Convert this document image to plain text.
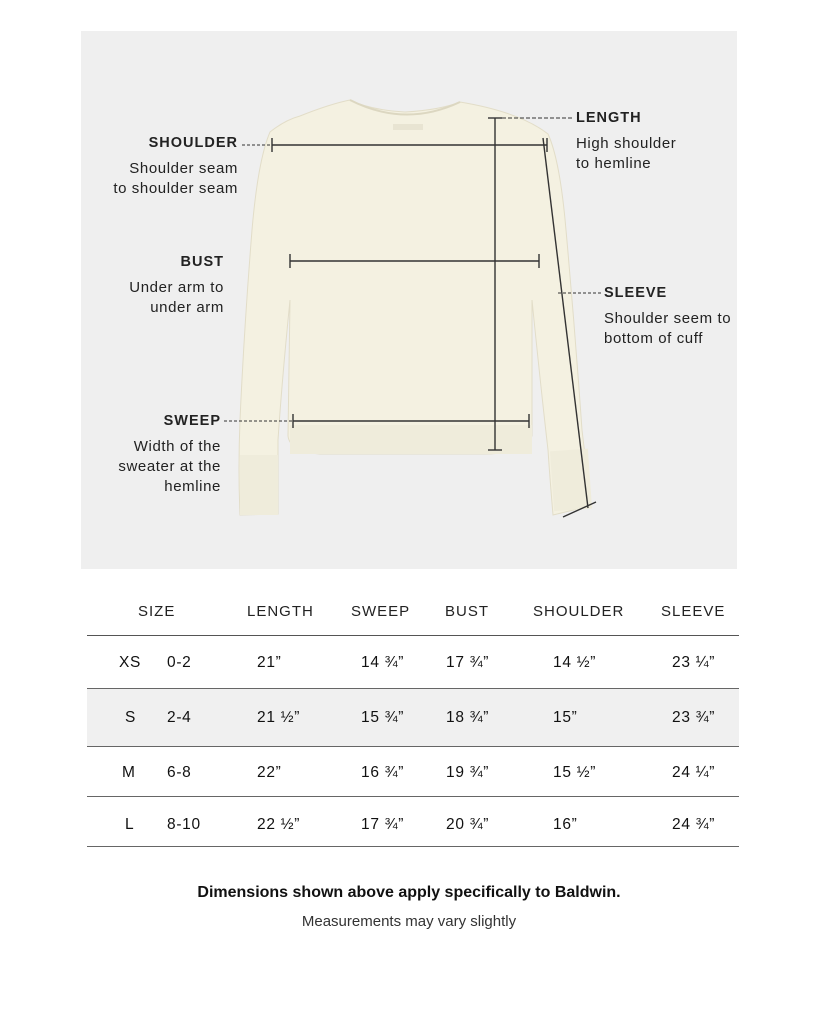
SHOULDER
Shoulder seam
to shoulder seam
LENGTH
High shoulder
to hemline
BUST
Under arm to
under arm
SLEEVE
Shoulder seem to
bottom of cuff
SWEEP
Width of the
sweater at the
hemline
SIZE	LENGTH SWEEP BUST	SHOULDER SLEEVE
XS 0-2	21”	14 ¾”	17 ¾”	14 ½”	23 ¼”
S 2-4	21 ½”	15 ¾”	18 ¾”	15”	23 ¾”
M 6-8	22”	16 ¾”	19 ¾”	15 ½”	24 ¼”
L 8-10	22 ½”	17 ¾”	20 ¾”	16”	24 ¾”
Dimensions shown above apply specifically to Baldwin.
Measurements may vary slightly
